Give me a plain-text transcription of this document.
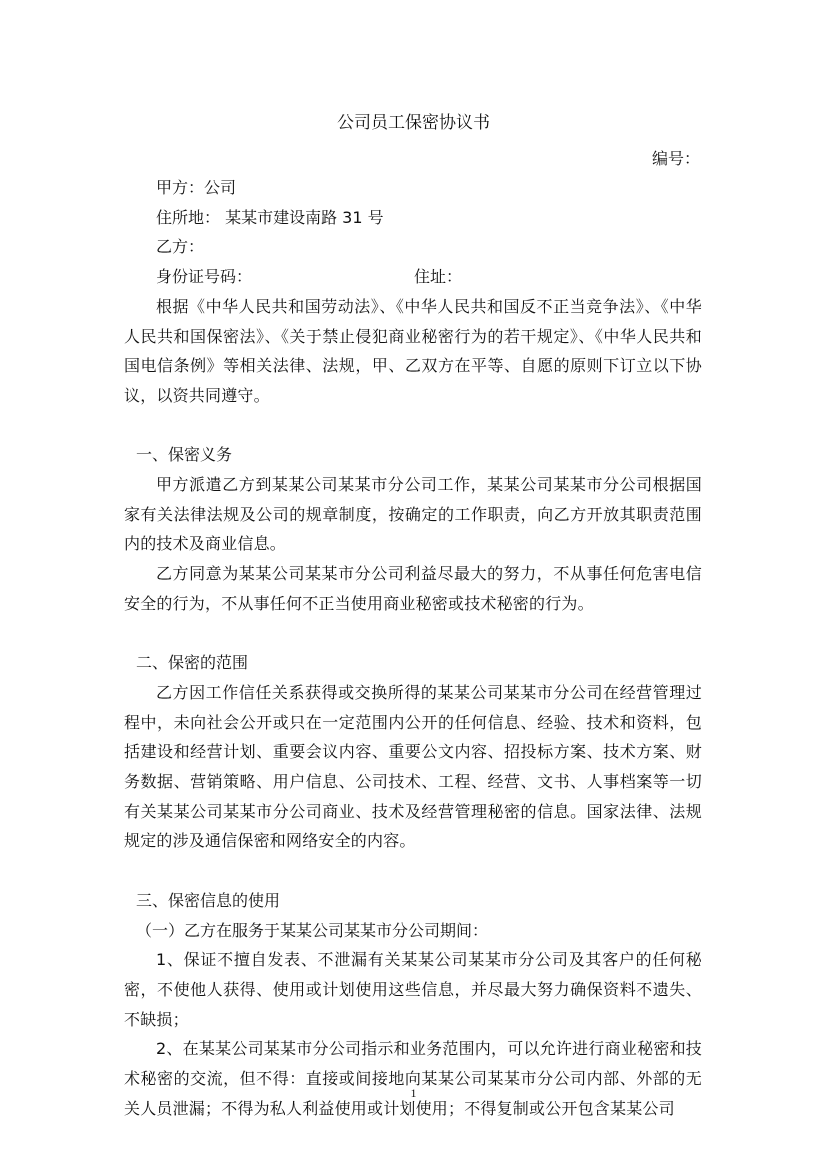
公司员工保密协议书
编号：

甲方：公司

住所地： 某某市建设南路 31 号

乙方：

身份证号码：	住址：

根据《中华人民共和国劳动法》、《中华人民共和国反不正当竞争法》、《中华人民共和国保密法》、《关于禁止侵犯商业秘密行为的若干规定》、《中华人民共和国电信条例》等相关法律、法规，甲、乙双方在平等、自愿的原则下订立以下协议，以资共同遵守。

一、保密义务

甲方派遣乙方到某某公司某某市分公司工作，某某公司某某市分公司根据国家有关法律法规及公司的规章制度，按确定的工作职责，向乙方开放其职责范围内的技术及商业信息。

乙方同意为某某公司某某市分公司利益尽最大的努力，不从事任何危害电信安全的行为，不从事任何不正当使用商业秘密或技术秘密的行为。

二、保密的范围

乙方因工作信任关系获得或交换所得的某某公司某某市分公司在经营管理过程中，未向社会公开或只在一定范围内公开的任何信息、经验、技术和资料，包括建设和经营计划、重要会议内容、重要公文内容、招投标方案、技术方案、财务数据、营销策略、用户信息、公司技术、工程、经营、文书、人事档案等一切有关某某公司某某市分公司商业、技术及经营管理秘密的信息。国家法律、法规规定的涉及通信保密和网络安全的内容。

三、保密信息的使用

（一）乙方在服务于某某公司某某市分公司期间：

1、保证不擅自发表、不泄漏有关某某公司某某市分公司及其客户的任何秘密，不使他人获得、使用或计划使用这些信息，并尽最大努力确保资料不遗失、不缺损；

2、在某某公司某某市分公司指示和业务范围内，可以允许进行商业秘密和技术秘密的交流，但不得：直接或间接地向某某公司某某市分公司内部、外部的无关人员泄漏；不得为私人利益使用或计划使用；不得复制或公开包含某某公司

1
